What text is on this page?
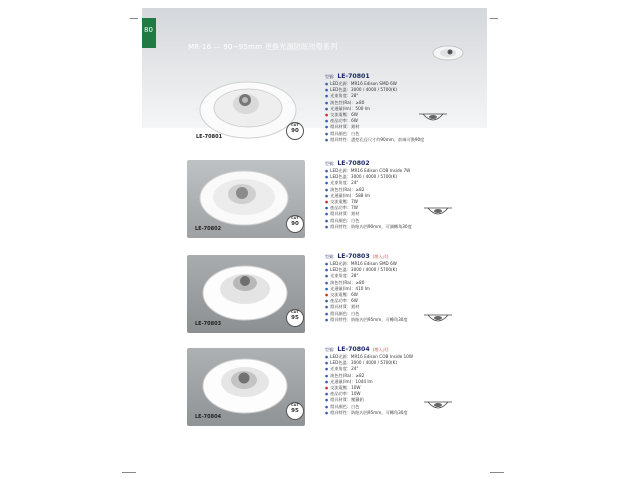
80
MR-16 — 90~95mm 更換光源防眩崁燈系列
LE-70801
CUT
90
LE-70802
CUT
90
LE-70803
CUT
95
LE-70804
CUT
95
型號: LE-70801
● LED光源：MR16 Edison SMD 6W
● LED色溫：3000 / 4000 / 5700(K)
● 光束角度：28°
● 演色性(Ra)：≥80
● 光通量(lm)：500 lm
● 交流電壓：6W
● 產品功率：6W
● 燈具材質：鋁材
● 燈具顏色：白色
● 燈具特性：盡挖孔徑尺寸約90mm，前端可換90度
型號: LE-70802
● LED光源：MR16 Edison COB Inside 7W
● LED色溫：3000 / 4000 / 5700(K)
● 光束角度：24°
● 演色性(Ra)：≥82
● 光通量(lm)：588 lm
● 交流電壓：7W
● 產品功率：7W
● 燈具材質：鋁材
● 燈具顏色：白色
● 燈具特性：防眩內凹90mm，可調轉角30度
型號: LE-70803 (埋入式)
● LED光源：MR16 Edison SMD 6W
● LED色溫：3000 / 4000 / 5700(K)
● 光束角度：28°
● 演色性(Ra)：≥80
● 光通量(lm)：410 lm
● 交流電壓：6W
● 產品功率：6W
● 燈具材質：鋁材
● 燈具顏色：白色
● 燈具特性：防眩內凹95mm，可轉角30度
型號: LE-70804 (埋入式)
● LED光源：MR16 Edison COB Inside 10W
● LED色溫：3000 / 4000 / 5700(K)
● 光束角度：24°
● 演色性(Ra)：≥82
● 光通量(lm)：1044 lm
● 交流電壓：10W
● 產品功率：10W
● 燈具材質：壓鑄鋁
● 燈具顏色：白色
● 燈具特性：防眩內凹95mm，可轉角30度
